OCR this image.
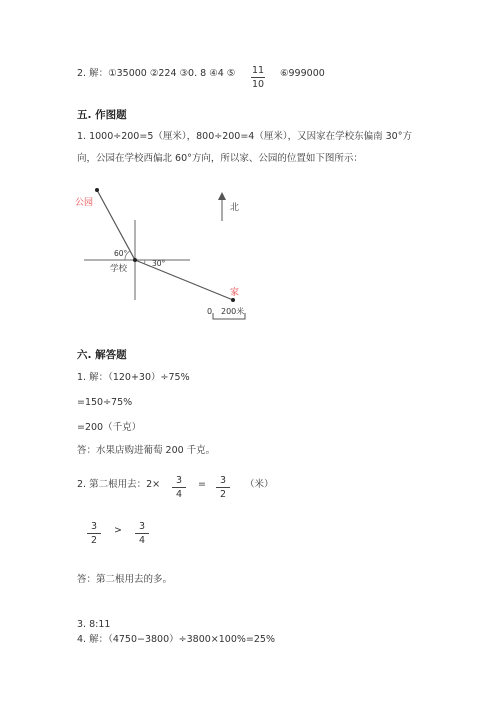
2. 解：①35000 ②224 ③0. 8 ④4 ⑤ $\frac{11}{10}$ ⑥999000
五. 作图题
1. 1000÷200=5（厘米），800÷200=4（厘米），又因家在学校东偏南 30°方
向，公园在学校西偏北 60°方向，所以家、公园的位置如下图所示：
公园
学校
家
北
60°
30°
0 200米
六. 解答题
1. 解：（120+30）÷75%
=150÷75%
=200（千克）
答：水果店购进葡萄 200 千克。
2. 第二根用去：$2\times \frac{3}{4} = \frac{3}{2}$ （米）
$\frac{3}{2} > \frac{3}{4}$
答：第二根用去的多。
3. 8:11
4. 解：（4750−3800）÷3800×100%=25%
